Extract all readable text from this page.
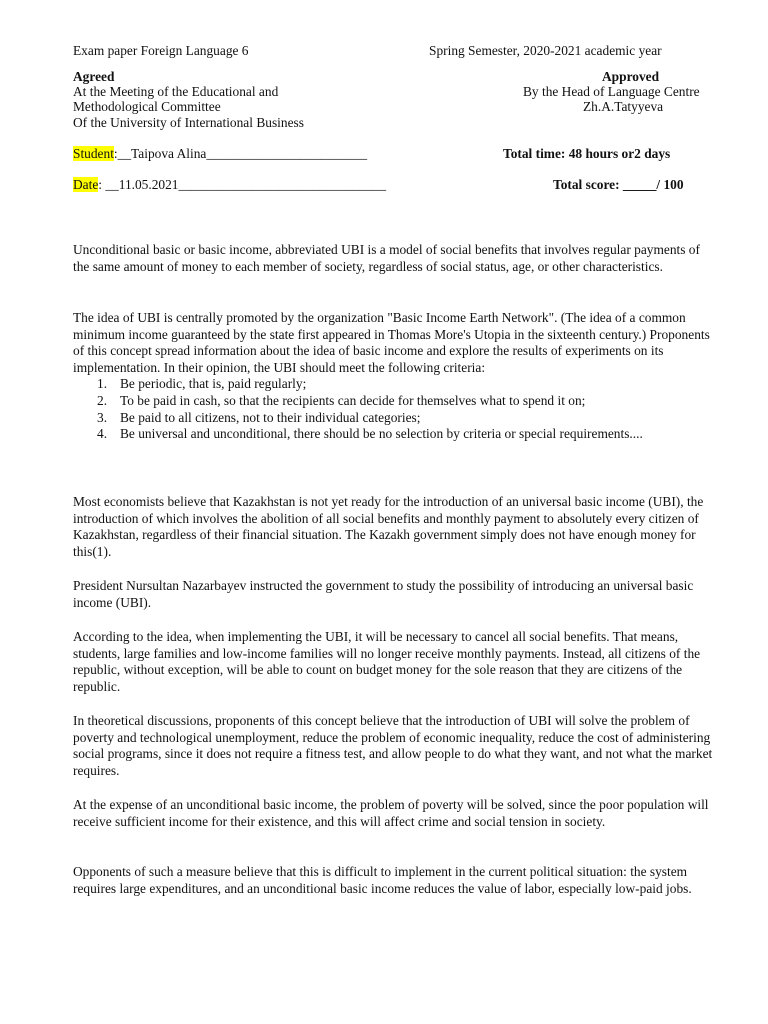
Exam paper Foreign Language 6	Spring Semester, 2020-2021 academic year
Agreed
At the Meeting of the Educational and
Methodological Committee
Of the University of International Business
Approved
By the Head of Language Centre
Zh.A.Tatyyeva
Student:__Taipova Alina________________________	Total time: 48 hours or2 days
Date: __11.05.2021_______________________________	Total score: _____/ 100

Unconditional basic or basic income, abbreviated UBI is a model of social benefits that involves regular payments of the same amount of money to each member of society, regardless of social status, age, or other characteristics.

The idea of UBI is centrally promoted by the organization "Basic Income Earth Network". (The idea of a common minimum income guaranteed by the state first appeared in Thomas More's Utopia in the sixteenth century.) Proponents of this concept spread information about the idea of basic income and explore the results of experiments on its implementation. In their opinion, the UBI should meet the following criteria:

1. Be periodic, that is, paid regularly;
2. To be paid in cash, so that the recipients can decide for themselves what to spend it on;
3. Be paid to all citizens, not to their individual categories;
4. Be universal and unconditional, there should be no selection by criteria or special requirements....

Most economists believe that Kazakhstan is not yet ready for the introduction of an universal basic income (UBI), the introduction of which involves the abolition of all social benefits and monthly payment to absolutely every citizen of Kazakhstan, regardless of their financial situation. The Kazakh government simply does not have enough money for this(1).

President Nursultan Nazarbayev instructed the government to study the possibility of introducing an universal basic income (UBI).

According to the idea, when implementing the UBI, it will be necessary to cancel all social benefits. That means, students, large families and low-income families will no longer receive monthly payments. Instead, all citizens of the republic, without exception, will be able to count on budget money for the sole reason that they are citizens of the republic.

In theoretical discussions, proponents of this concept believe that the introduction of UBI will solve the problem of poverty and technological unemployment, reduce the problem of economic inequality, reduce the cost of administering social programs, since it does not require a fitness test, and allow people to do what they want, and not what the market requires.

At the expense of an unconditional basic income, the problem of poverty will be solved, since the poor population will receive sufficient income for their existence, and this will affect crime and social tension in society.

Opponents of such a measure believe that this is difficult to implement in the current political situation: the system requires large expenditures, and an unconditional basic income reduces the value of labor, especially low-paid jobs.
